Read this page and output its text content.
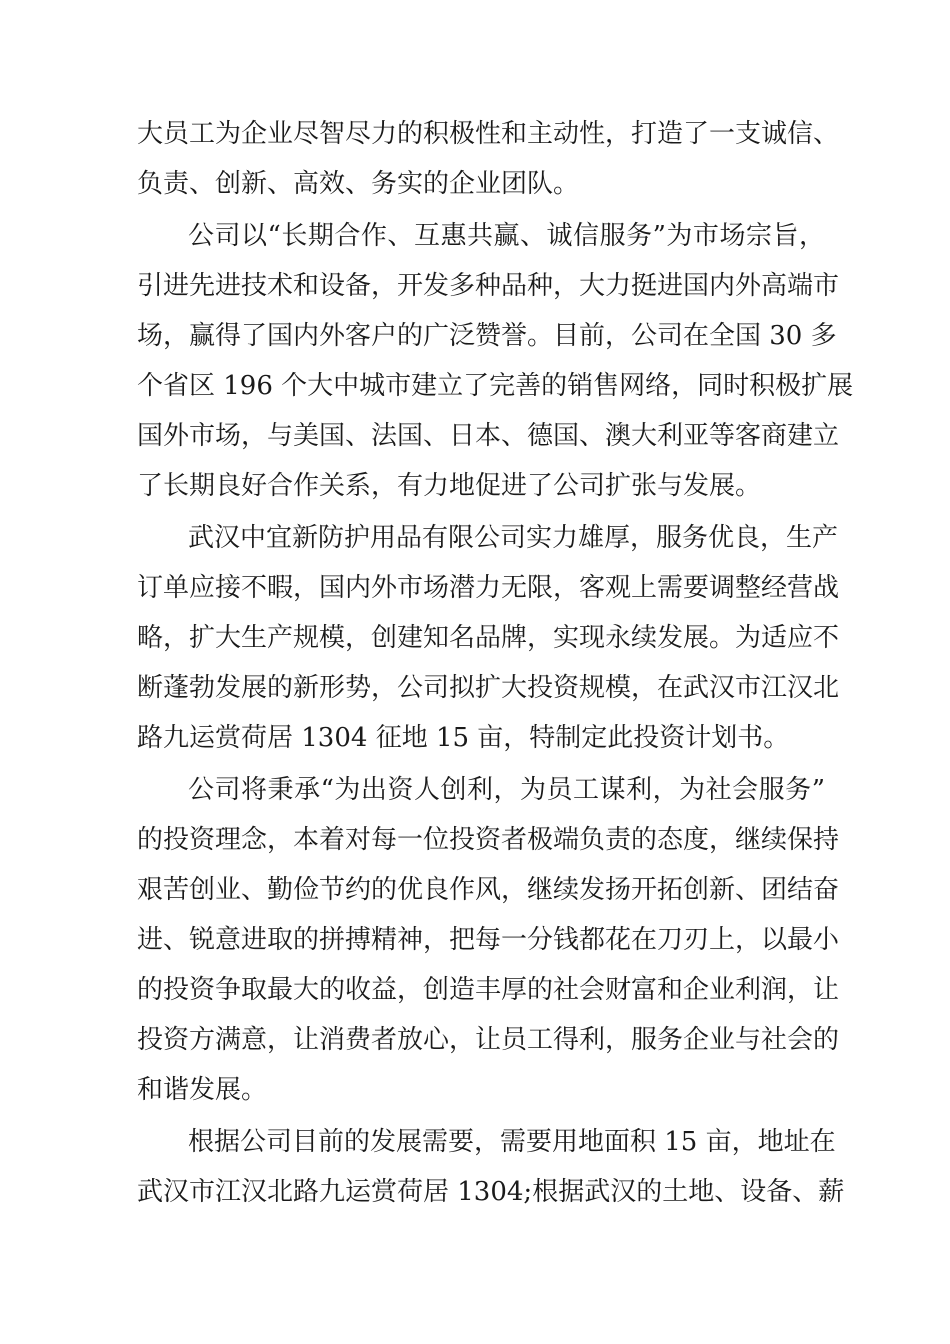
大员工为企业尽智尽力的积极性和主动性，打造了一支诚信、
负责、创新、高效、务实的企业团队。
公司以“长期合作、互惠共赢、诚信服务”为市场宗旨，
引进先进技术和设备，开发多种品种，大力挺进国内外高端市
场，赢得了国内外客户的广泛赞誉。目前，公司在全国 30 多
个省区 196 个大中城市建立了完善的销售网络，同时积极扩展
国外市场，与美国、法国、日本、德国、澳大利亚等客商建立
了长期良好合作关系，有力地促进了公司扩张与发展。
武汉中宜新防护用品有限公司实力雄厚，服务优良，生产
订单应接不暇，国内外市场潜力无限，客观上需要调整经营战
略，扩大生产规模，创建知名品牌，实现永续发展。为适应不
断蓬勃发展的新形势，公司拟扩大投资规模，在武汉市江汉北
路九运赏荷居 1304 征地 15 亩，特制定此投资计划书。
公司将秉承“为出资人创利，为员工谋利，为社会服务”
的投资理念，本着对每一位投资者极端负责的态度，继续保持
艰苦创业、勤俭节约的优良作风，继续发扬开拓创新、团结奋
进、锐意进取的拼搏精神，把每一分钱都花在刀刃上，以最小
的投资争取最大的收益，创造丰厚的社会财富和企业利润，让
投资方满意，让消费者放心，让员工得利，服务企业与社会的
和谐发展。
根据公司目前的发展需要，需要用地面积 15 亩，地址在
武汉市江汉北路九运赏荷居 1304;根据武汉的土地、设备、薪
